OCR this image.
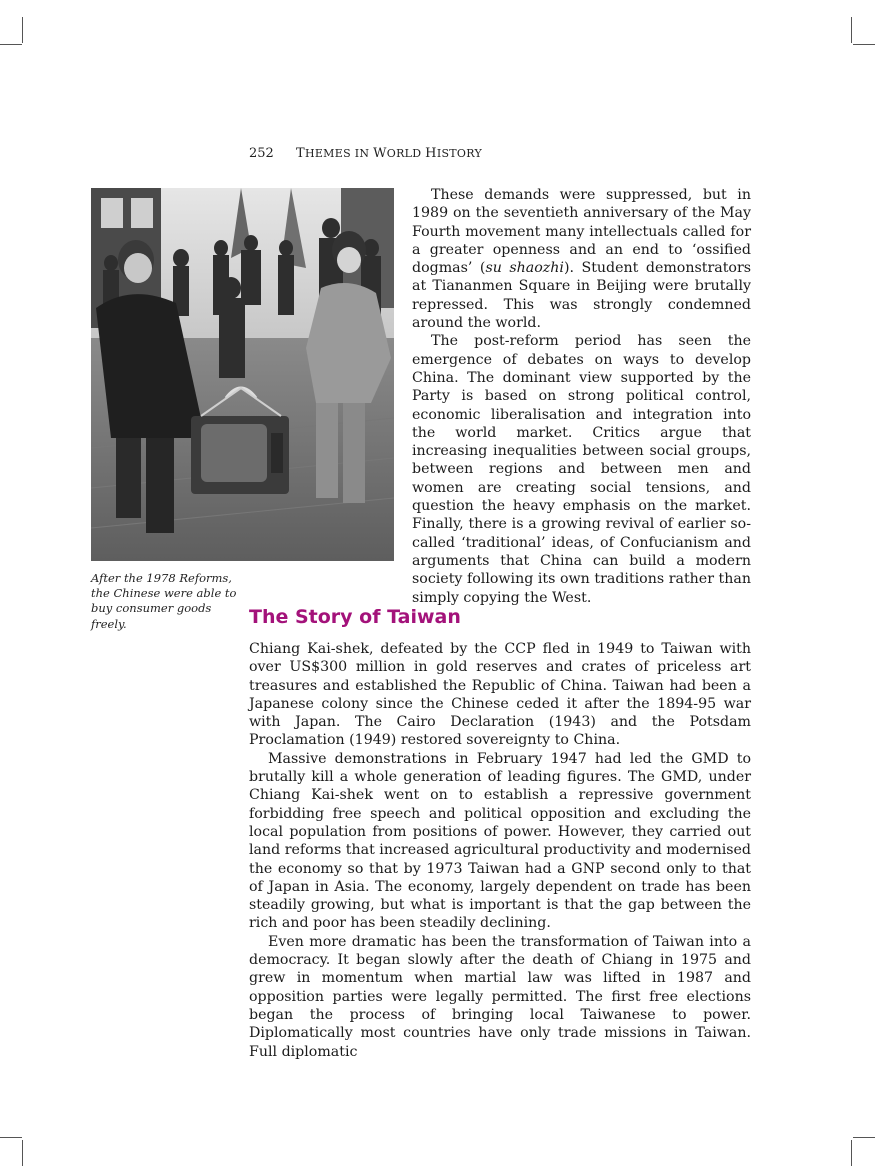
252 THEMES IN WORLD HISTORY
After the 1978 Reforms, the Chinese were able to buy consumer goods freely.

These demands were suppressed, but in 1989 on the seventieth anniversary of the May Fourth movement many intellectuals called for a greater openness and an end to ‘ossified dogmas’ (su shaozhi). Student demonstrators at Tiananmen Square in Beijing were brutally repressed. This was strongly condemned around the world.

The post-reform period has seen the emergence of debates on ways to develop China. The dominant view supported by the Party is based on strong political control, economic liberalisation and integration into the world market. Critics argue that increasing inequalities between social groups, between regions and between men and women are creating social tensions, and question the heavy emphasis on the market. Finally, there is a growing revival of earlier so-called ‘traditional’ ideas, of Confucianism and arguments that China can build a modern society following its own traditions rather than simply copying the West.

The Story of Taiwan

Chiang Kai-shek, defeated by the CCP fled in 1949 to Taiwan with over US$300 million in gold reserves and crates of priceless art treasures and established the Republic of China. Taiwan had been a Japanese colony since the Chinese ceded it after the 1894-95 war with Japan. The Cairo Declaration (1943) and the Potsdam Proclamation (1949) restored sovereignty to China.

Massive demonstrations in February 1947 had led the GMD to brutally kill a whole generation of leading figures. The GMD, under Chiang Kai-shek went on to establish a repressive government forbidding free speech and political opposition and excluding the local population from positions of power. However, they carried out land reforms that increased agricultural productivity and modernised the economy so that by 1973 Taiwan had a GNP second only to that of Japan in Asia. The economy, largely dependent on trade has been steadily growing, but what is important is that the gap between the rich and poor has been steadily declining.

Even more dramatic has been the transformation of Taiwan into a democracy. It began slowly after the death of Chiang in 1975 and grew in momentum when martial law was lifted in 1987 and opposition parties were legally permitted. The first free elections began the process of bringing local Taiwanese to power. Diplomatically most countries have only trade missions in Taiwan. Full diplomatic
